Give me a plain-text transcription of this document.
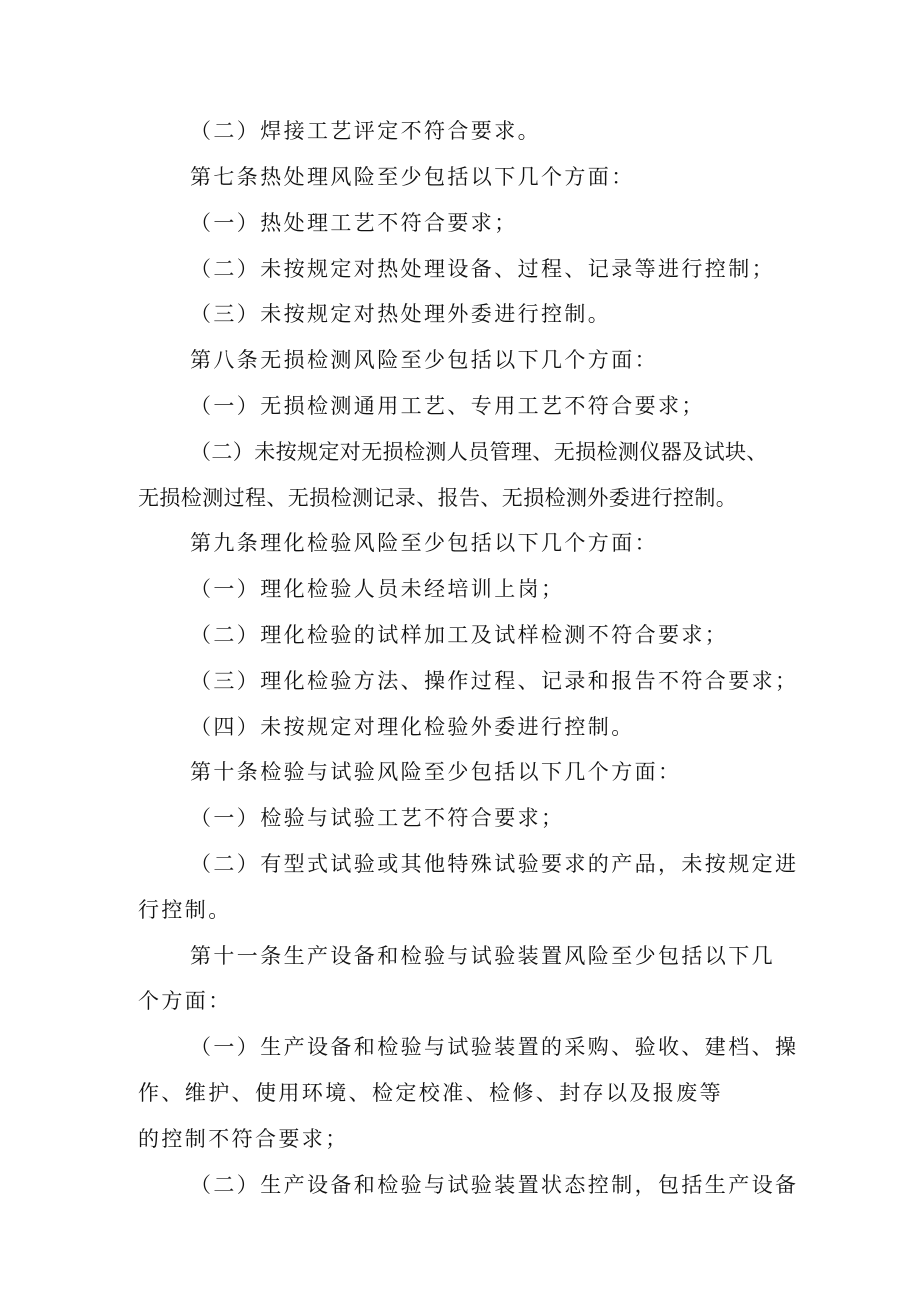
（二）焊接工艺评定不符合要求。
第七条热处理风险至少包括以下几个方面：
（一）热处理工艺不符合要求；
（二）未按规定对热处理设备、过程、记录等进行控制；
（三）未按规定对热处理外委进行控制。
第八条无损检测风险至少包括以下几个方面：
（一）无损检测通用工艺、专用工艺不符合要求；
（二）未按规定对无损检测人员管理、无损检测仪器及试块、
无损检测过程、无损检测记录、报告、无损检测外委进行控制。
第九条理化检验风险至少包括以下几个方面：
（一）理化检验人员未经培训上岗；
（二）理化检验的试样加工及试样检测不符合要求；
（三）理化检验方法、操作过程、记录和报告不符合要求；
（四）未按规定对理化检验外委进行控制。
第十条检验与试验风险至少包括以下几个方面：
（一）检验与试验工艺不符合要求；
（二）有型式试验或其他特殊试验要求的产品，未按规定进
行控制。
第十一条生产设备和检验与试验装置风险至少包括以下几
个方面：
（一）生产设备和检验与试验装置的采购、验收、建档、操
作、维护、使用环境、检定校准、检修、封存以及报废等
的控制不符合要求；
（二）生产设备和检验与试验装置状态控制，包括生产设备
